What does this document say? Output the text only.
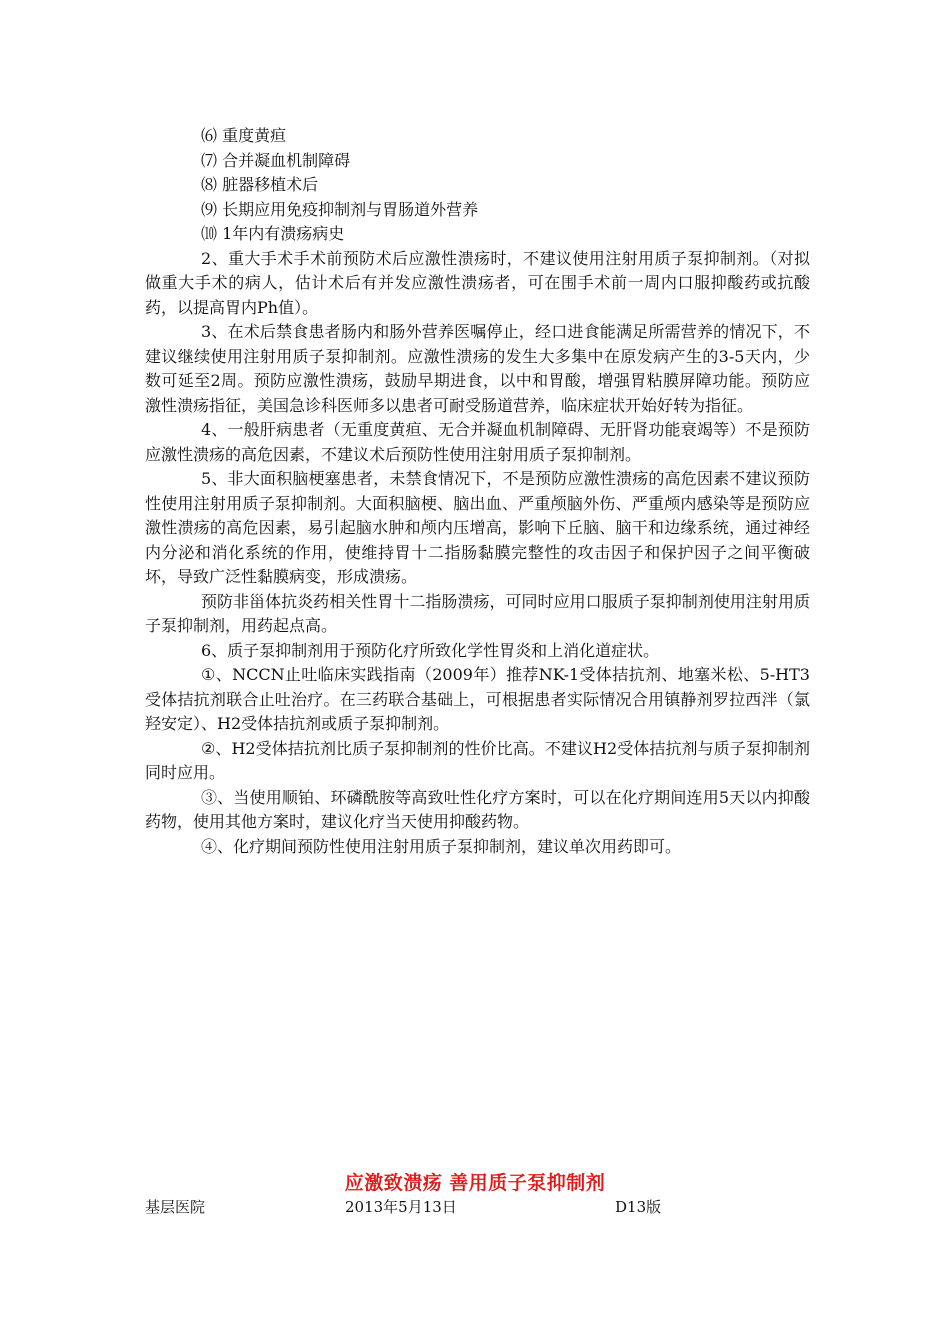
⑹ 重度黄疸

⑺ 合并凝血机制障碍

⑻ 脏器移植术后

⑼ 长期应用免疫抑制剂与胃肠道外营养

⑽ 1年内有溃疡病史

2、重大手术手术前预防术后应激性溃疡时，不建议使用注射用质子泵抑制剂。（对拟做重大手术的病人，估计术后有并发应激性溃疡者，可在围手术前一周内口服抑酸药或抗酸药，以提高胃内Ph值）。

3、在术后禁食患者肠内和肠外营养医嘱停止，经口进食能满足所需营养的情况下，不建议继续使用注射用质子泵抑制剂。应激性溃疡的发生大多集中在原发病产生的3-5天内，少数可延至2周。预防应激性溃疡，鼓励早期进食，以中和胃酸，增强胃粘膜屏障功能。预防应激性溃疡指征，美国急诊科医师多以患者可耐受肠道营养，临床症状开始好转为指征。

4、一般肝病患者（无重度黄疸、无合并凝血机制障碍、无肝肾功能衰竭等）不是预防应激性溃疡的高危因素，不建议术后预防性使用注射用质子泵抑制剂。

5、非大面积脑梗塞患者，未禁食情况下，不是预防应激性溃疡的高危因素不建议预防性使用注射用质子泵抑制剂。大面积脑梗、脑出血、严重颅脑外伤、严重颅内感染等是预防应激性溃疡的高危因素，易引起脑水肿和颅内压增高，影响下丘脑、脑干和边缘系统，通过神经内分泌和消化系统的作用，使维持胃十二指肠黏膜完整性的攻击因子和保护因子之间平衡破坏，导致广泛性黏膜病变，形成溃疡。

预防非甾体抗炎药相关性胃十二指肠溃疡，可同时应用口服质子泵抑制剂使用注射用质子泵抑制剂，用药起点高。

6、质子泵抑制剂用于预防化疗所致化学性胃炎和上消化道症状。

①、NCCN止吐临床实践指南（2009年）推荐NK-1受体拮抗剂、地塞米松、5-HT3受体拮抗剂联合止吐治疗。在三药联合基础上，可根据患者实际情况合用镇静剂罗拉西泮（氯羟安定）、H2受体拮抗剂或质子泵抑制剂。

②、H2受体拮抗剂比质子泵抑制剂的性价比高。不建议H2受体拮抗剂与质子泵抑制剂同时应用。

③、当使用顺铂、环磷酰胺等高致吐性化疗方案时，可以在化疗期间连用5天以内抑酸药物，使用其他方案时，建议化疗当天使用抑酸药物。

④、化疗期间预防性使用注射用质子泵抑制剂，建议单次用药即可。

应激致溃疡 善用质子泵抑制剂
基层医院	2013年5月13日	D13版
